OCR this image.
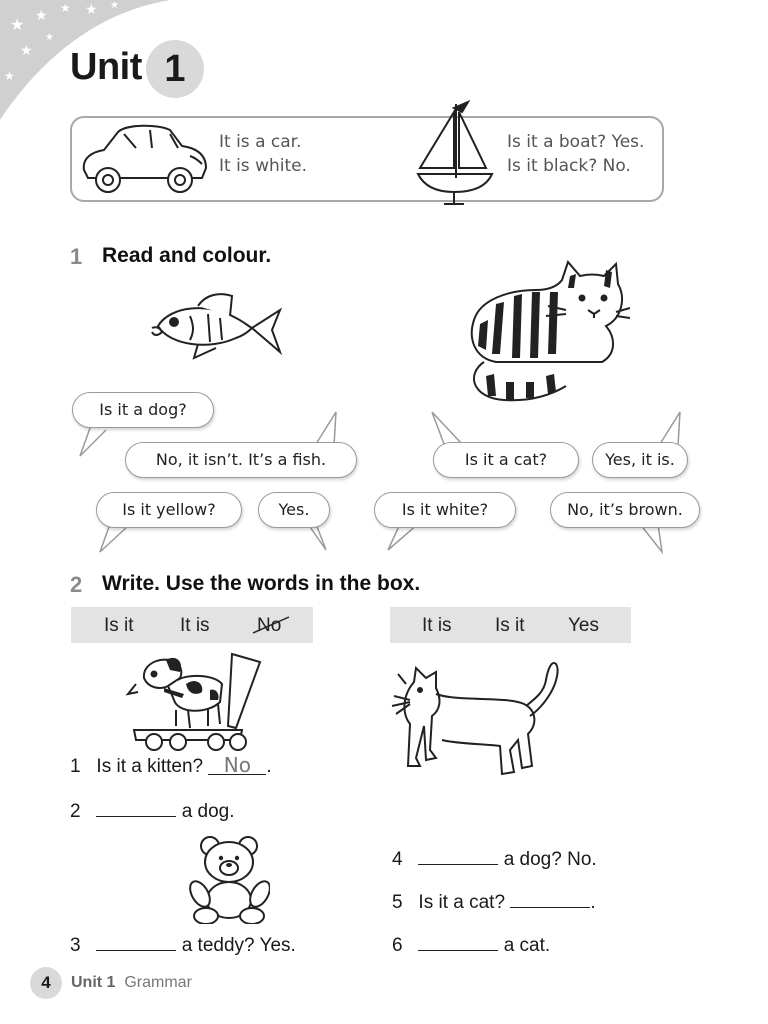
★ ★ ★ ★
★
★
★
★
Unit 1
It is a car.
It is white.
Is it a boat? Yes.
Is it black? No.
1 Read and colour.
Is it a dog?
No, it isn’t. It’s a fish.
Is it yellow?	Yes.
Is it a cat?	Yes, it is.
Is it white?	No, it’s brown.
2 Write. Use the words in the box.
Is it It is No	It is Is it Yes
1 Is it a kitten? No .
2	a dog.
3	a teddy? Yes.
4	a dog? No.
5 Is it a cat?	.
6	a cat.
4	Unit 1 Grammar
